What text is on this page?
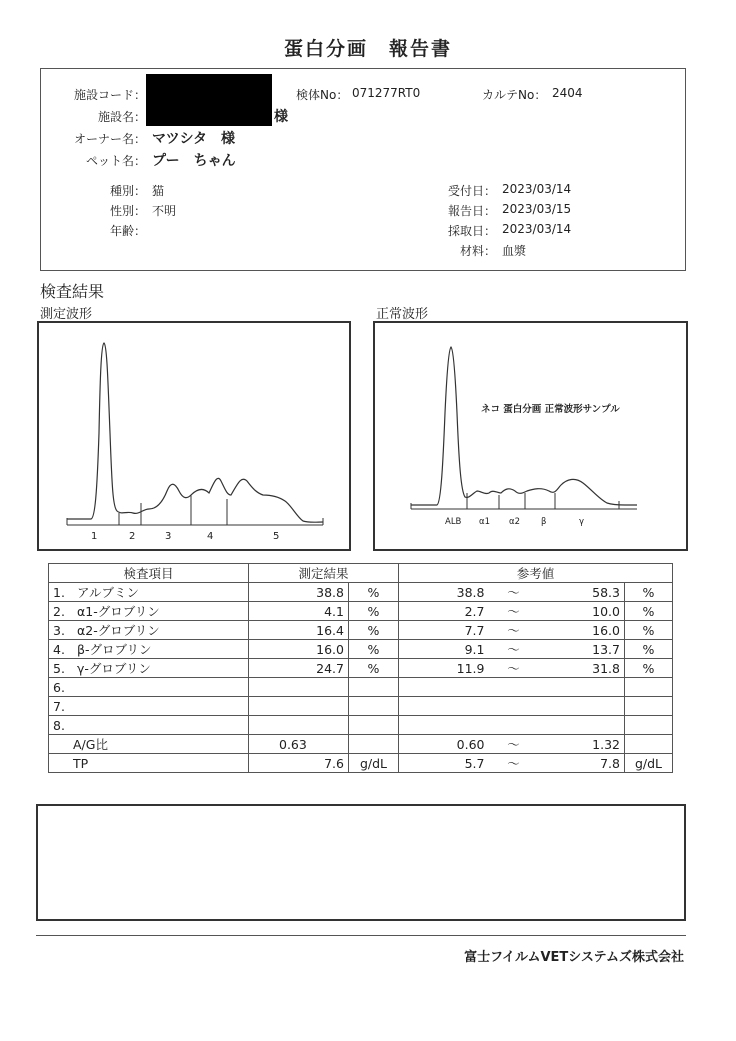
蛋白分画　報告書
施設コード：
施設名：	様
オーナー名： マツシタ　様
ペット名： プー　ちゃん
種別： 猫
性別： 不明
年齢：
検体No： 071277RT0	カルテNo： 2404
受付日： 2023/03/14
報告日： 2023/03/15
採取日： 2023/03/14
材料： 血漿
検査結果
測定波形	正常波形
1	2	3	4	5
ネコ 蛋白分画 正常波形サンプル
ALB α1 α2 β	γ
検査項目	測定結果		参考値			
1. アルブミン	38.8	%	38.8	～	58.3	%
2. α1-グロブリン	4.1	%	2.7	～	10.0	%
3. α2-グロブリン	16.4	%	7.7	～	16.0	%
4. β-グロブリン	16.0	%	9.1	～	13.7	%
5. γ-グロブリン	24.7	%	11.9	～	31.8	%
6.						
7.						
8.						
A/G比	0.63		0.60	～	1.32	
TP	7.6	g/dL	5.7	～	7.8	g/dL
富士フイルムVETシステムズ株式会社
